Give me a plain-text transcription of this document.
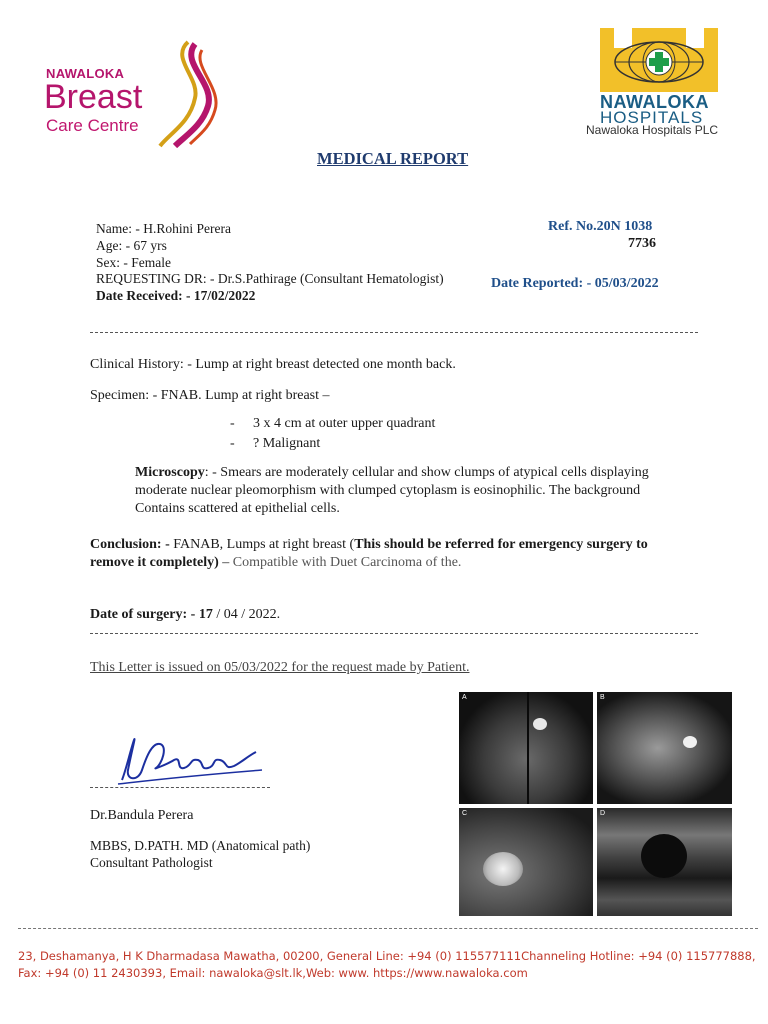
NAWALOKA
Breast
Care Centre
NAWALOKA
HOSPITALS
Nawaloka Hospitals PLC
MEDICAL REPORT
Name: - H.Rohini Perera
Age: - 67 yrs
Sex: - Female
REQUESTING DR: - Dr.S.Pathirage (Consultant Hematologist)
Date Received: - 17/02/2022
Ref. No.20N 1038
7736
Date Reported: - 05/03/2022
Clinical History: - Lump at right breast detected one month back.
Specimen: - FNAB. Lump at right breast –
- 3 x 4 cm at outer upper quadrant
- ? Malignant
Microscopy: - Smears are moderately cellular and show clumps of atypical cells displaying moderate nuclear pleomorphism with clumped cytoplasm is eosinophilic. The background Contains scattered at epithelial cells.
Conclusion: - FANAB, Lumps at right breast (This should be referred for emergency surgery to remove it completely) – Compatible with Duet Carcinoma of the.
Date of surgery: - 17 / 04 / 2022.
This Letter is issued on 05/03/2022 for the request made by Patient.
Dr.Bandula Perera
MBBS, D.PATH. MD (Anatomical path)
Consultant Pathologist
A	B
C	D
23, Deshamanya, H K Dharmadasa Mawatha, 00200, General Line: +94 (0) 115577111Channeling Hotline: +94 (0) 115777888,
Fax: +94 (0) 11 2430393, Email: nawaloka@slt.lk,Web: www. https://www.nawaloka.com
